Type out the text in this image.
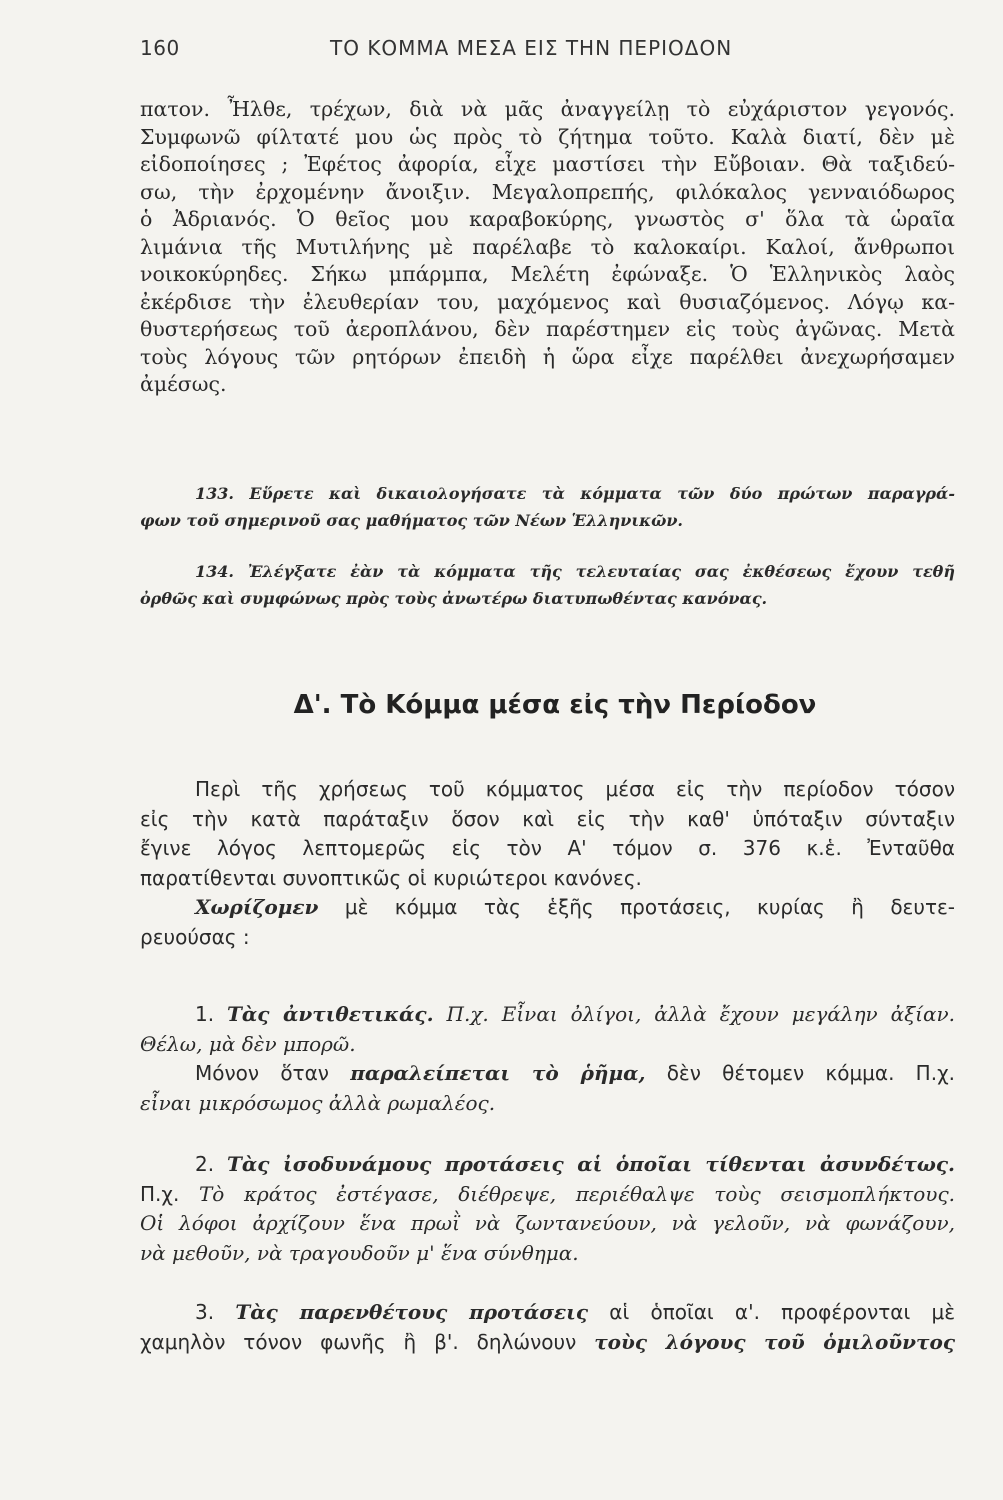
160	ΤΟ ΚΟΜΜΑ ΜΕΣΑ ΕΙΣ ΤΗΝ ΠΕΡΙΟΔΟΝ
πατον. Ἦλθε, τρέχων, διὰ νὰ μᾶς ἀναγγείλῃ τὸ εὐχάριστον γεγονός.
Συμφωνῶ φίλτατέ μου ὡς πρὸς τὸ ζήτημα τοῦτο. Καλὰ διατί, δὲν μὲ
εἰδοποίησες ; Ἐφέτος ἀφορία, εἶχε μαστίσει τὴν Εὔβοιαν. Θὰ ταξιδεύ-
σω, τὴν ἐρχομένην ἄνοιξιν. Μεγαλοπρεπής, φιλόκαλος γενναιόδωρος
ὁ Ἀδριανός. Ὁ θεῖος μου καραβοκύρης, γνωστὸς σ' ὅλα τὰ ὡραῖα
λιμάνια τῆς Μυτιλήνης μὲ παρέλαβε τὸ καλοκαίρι. Καλοί, ἄνθρωποι
νοικοκύρηδες. Σήκω μπάρμπα, Μελέτη ἐφώναξε. Ὁ Ἑλληνικὸς λαὸς
ἐκέρδισε τὴν ἐλευθερίαν του, μαχόμενος καὶ θυσιαζόμενος. Λόγῳ κα-
θυστερήσεως τοῦ ἀεροπλάνου, δὲν παρέστημεν εἰς τοὺς ἀγῶνας. Μετὰ
τοὺς λόγους τῶν ρητόρων ἐπειδὴ ἡ ὥρα εἶχε παρέλθει ἀνεχωρήσαμεν
ἀμέσως.
133. Εὕρετε καὶ δικαιολογήσατε τὰ κόμματα τῶν δύο πρώτων παραγρά-
φων τοῦ σημερινοῦ σας μαθήματος τῶν Νέων Ἑλληνικῶν.
134. Ἐλέγξατε ἐὰν τὰ κόμματα τῆς τελευταίας σας ἐκθέσεως ἔχουν τεθῆ
ὀρθῶς καὶ συμφώνως πρὸς τοὺς ἀνωτέρω διατυπωθέντας κανόνας.
Δ'. Τὸ Κόμμα μέσα εἰς τὴν Περίοδον
Περὶ τῆς χρήσεως τοῦ κόμματος μέσα εἰς τὴν περίοδον τόσον
εἰς τὴν κατὰ παράταξιν ὅσον καὶ εἰς τὴν καθ' ὑπόταξιν σύνταξιν
ἔγινε λόγος λεπτομερῶς εἰς τὸν Α' τόμον σ. 376 κ.ἑ. Ἐνταῦθα
παρατίθενται συνοπτικῶς οἱ κυριώτεροι κανόνες.
Χωρίζομεν μὲ κόμμα τὰς ἑξῆς προτάσεις, κυρίας ἢ δευτε-
ρευούσας :
1. Τὰς ἀντιθετικάς. Π.χ. Εἶναι ὀλίγοι, ἀλλὰ ἔχουν μεγάλην ἀξίαν.
Θέλω, μὰ δὲν μπορῶ.
Μόνον ὅταν παραλείπεται τὸ ῥῆμα, δὲν θέτομεν κόμμα. Π.χ.
εἶναι μικρόσωμος ἀλλὰ ρωμαλέος.
2. Τὰς ἰσοδυνάμους προτάσεις αἱ ὁποῖαι τίθενται ἀσυνδέτως.
Π.χ. Τὸ κράτος ἐστέγασε, διέθρεψε, περιέθαλψε τοὺς σεισμοπλήκτους.
Οἱ λόφοι ἀρχίζουν ἕνα πρωῒ νὰ ζωντανεύουν, νὰ γελοῦν, νὰ φωνάζουν,
νὰ μεθοῦν, νὰ τραγουδοῦν μ' ἕνα σύνθημα.
3. Τὰς παρενθέτους προτάσεις αἱ ὁποῖαι α'. προφέρονται μὲ
χαμηλὸν τόνον φωνῆς ἢ β'. δηλώνουν τοὺς λόγους τοῦ ὁμιλοῦντος
